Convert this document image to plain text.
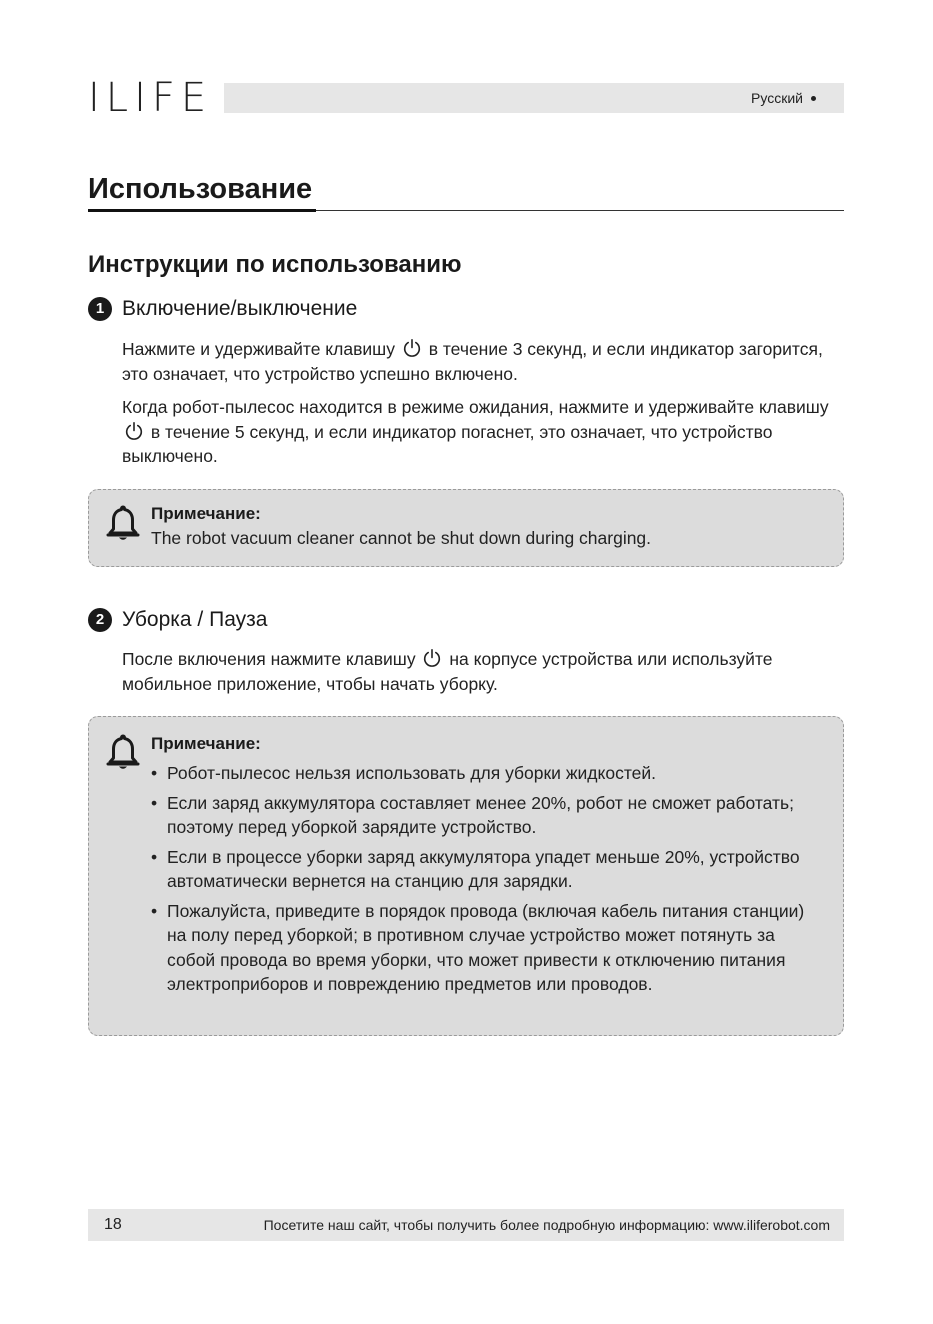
ILIFE	Русский
Использование
Инструкции по использованию
1 Включение/выключение
Нажмите и удерживайте клавишу в течение 3 секунд, и если индикатор загорится, это означает, что устройство успешно включено.
Когда робот-пылесос находится в режиме ожидания, нажмите и удерживайте клавишу  в течение 5 секунд, и если индикатор погаснет, это означает, что устройство выключено.
Примечание:
The robot vacuum cleaner cannot be shut down during charging.
2 Уборка / Пауза
После включения нажмите клавишу на корпусе устройства или используйте мобильное приложение, чтобы начать уборку.
Примечание:
• Робот-пылесос нельзя использовать для уборки жидкостей.
• Если заряд аккумулятора составляет менее 20%, робот не сможет работать; поэтому перед уборкой зарядите устройство.
• Если в процессе уборки заряд аккумулятора упадет меньше 20%, устройство автоматически вернется на станцию для зарядки.
• Пожалуйста, приведите в порядок провода (включая кабель питания станции) на полу перед уборкой; в противном случае устройство может потянуть за собой провода во время уборки, что может привести к отключению питания электроприборов и повреждению предметов или проводов.
18	Посетите наш сайт, чтобы получить более подробную информацию: www.iliferobot.com
